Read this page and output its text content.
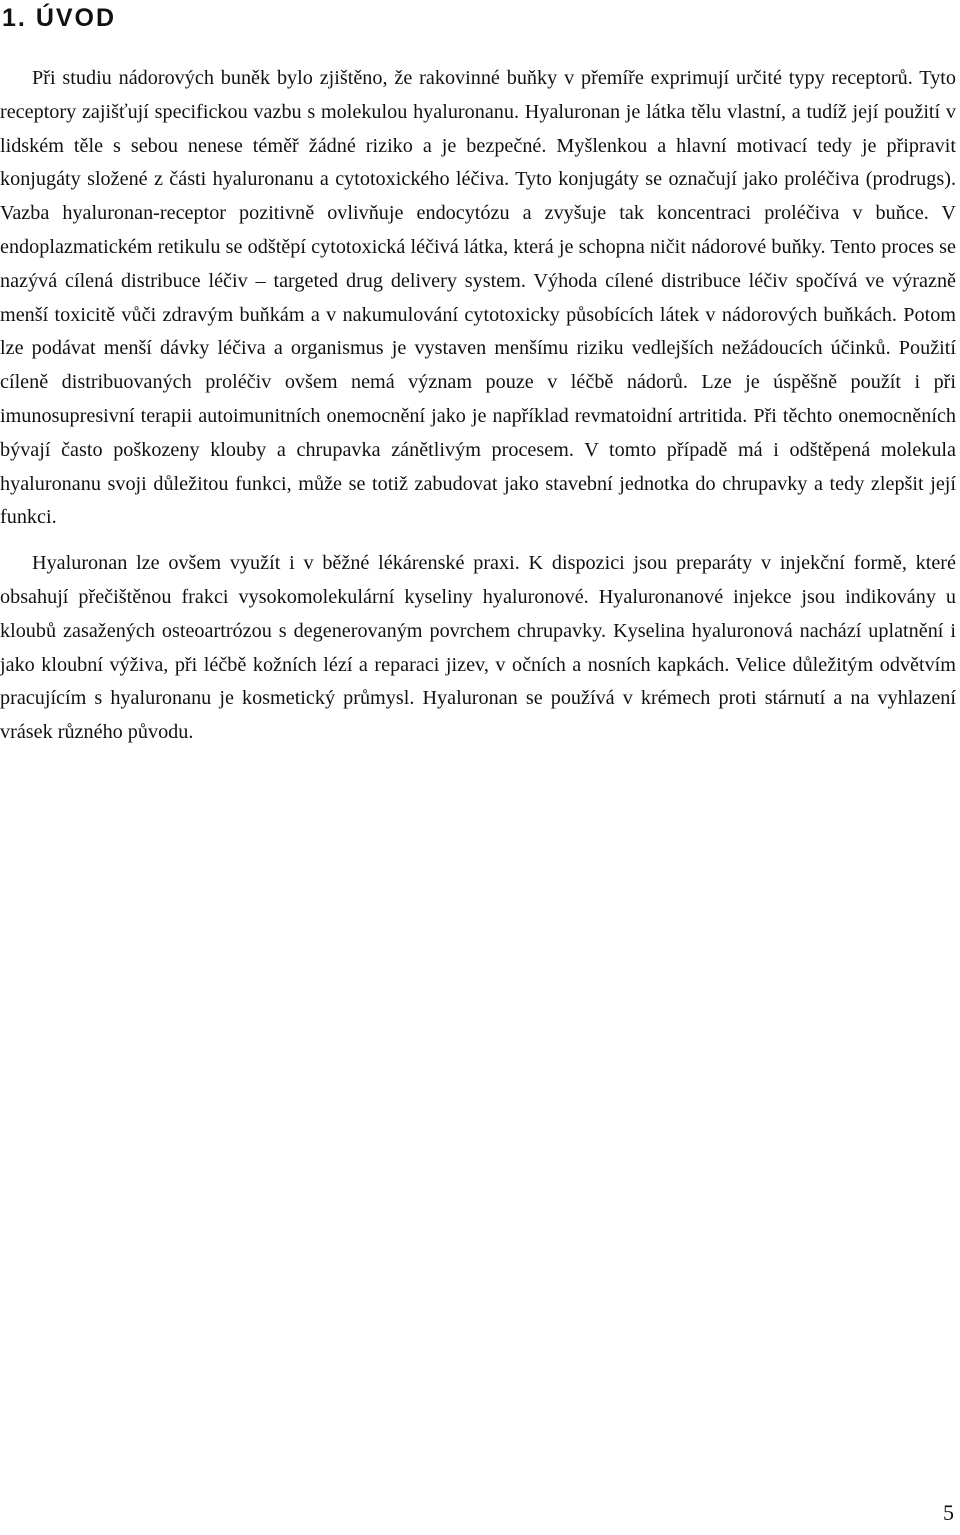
1. ÚVOD

Při studiu nádorových buněk bylo zjištěno, že rakovinné buňky v přemíře exprimují určité typy receptorů. Tyto receptory zajišťují specifickou vazbu s molekulou hyaluronanu. Hyaluronan je látka tělu vlastní, a tudíž její použití v lidském těle s sebou nenese téměř žádné riziko a je bezpečné. Myšlenkou a hlavní motivací tedy je připravit konjugáty složené z části hyaluronanu a cytotoxického léčiva. Tyto konjugáty se označují jako proléčiva (prodrugs). Vazba hyaluronan-receptor pozitivně ovlivňuje endocytózu a zvyšuje tak koncentraci proléčiva v buňce. V endoplazmatickém retikulu se odštěpí cytotoxická léčivá látka, která je schopna ničit nádorové buňky. Tento proces se nazývá cílená distribuce léčiv – targeted drug delivery system. Výhoda cílené distribuce léčiv spočívá ve výrazně menší toxicitě vůči zdravým buňkám a v nakumulování cytotoxicky působících látek v nádorových buňkách. Potom lze podávat menší dávky léčiva a organismus je vystaven menšímu riziku vedlejších nežádoucích účinků. Použití cíleně distribuovaných proléčiv ovšem nemá význam pouze v léčbě nádorů. Lze je úspěšně použít i při imunosupresivní terapii autoimunitních onemocnění jako je například revmatoidní artritida. Při těchto onemocněních bývají často poškozeny klouby a chrupavka zánětlivým procesem. V tomto případě má i odštěpená molekula hyaluronanu svoji důležitou funkci, může se totiž zabudovat jako stavební jednotka do chrupavky a tedy zlepšit její funkci.

Hyaluronan lze ovšem využít i v běžné lékárenské praxi. K dispozici jsou preparáty v injekční formě, které obsahují přečištěnou frakci vysokomolekulární kyseliny hyaluronové. Hyaluronanové injekce jsou indikovány u kloubů zasažených osteoartrózou s degenerovaným povrchem chrupavky. Kyselina hyaluronová nachází uplatnění i jako kloubní výživa, při léčbě kožních lézí a reparaci jizev, v očních a nosních kapkách. Velice důležitým odvětvím pracujícím s hyaluronanu je kosmetický průmysl. Hyaluronan se používá v krémech proti stárnutí a na vyhlazení vrásek různého původu.

5
